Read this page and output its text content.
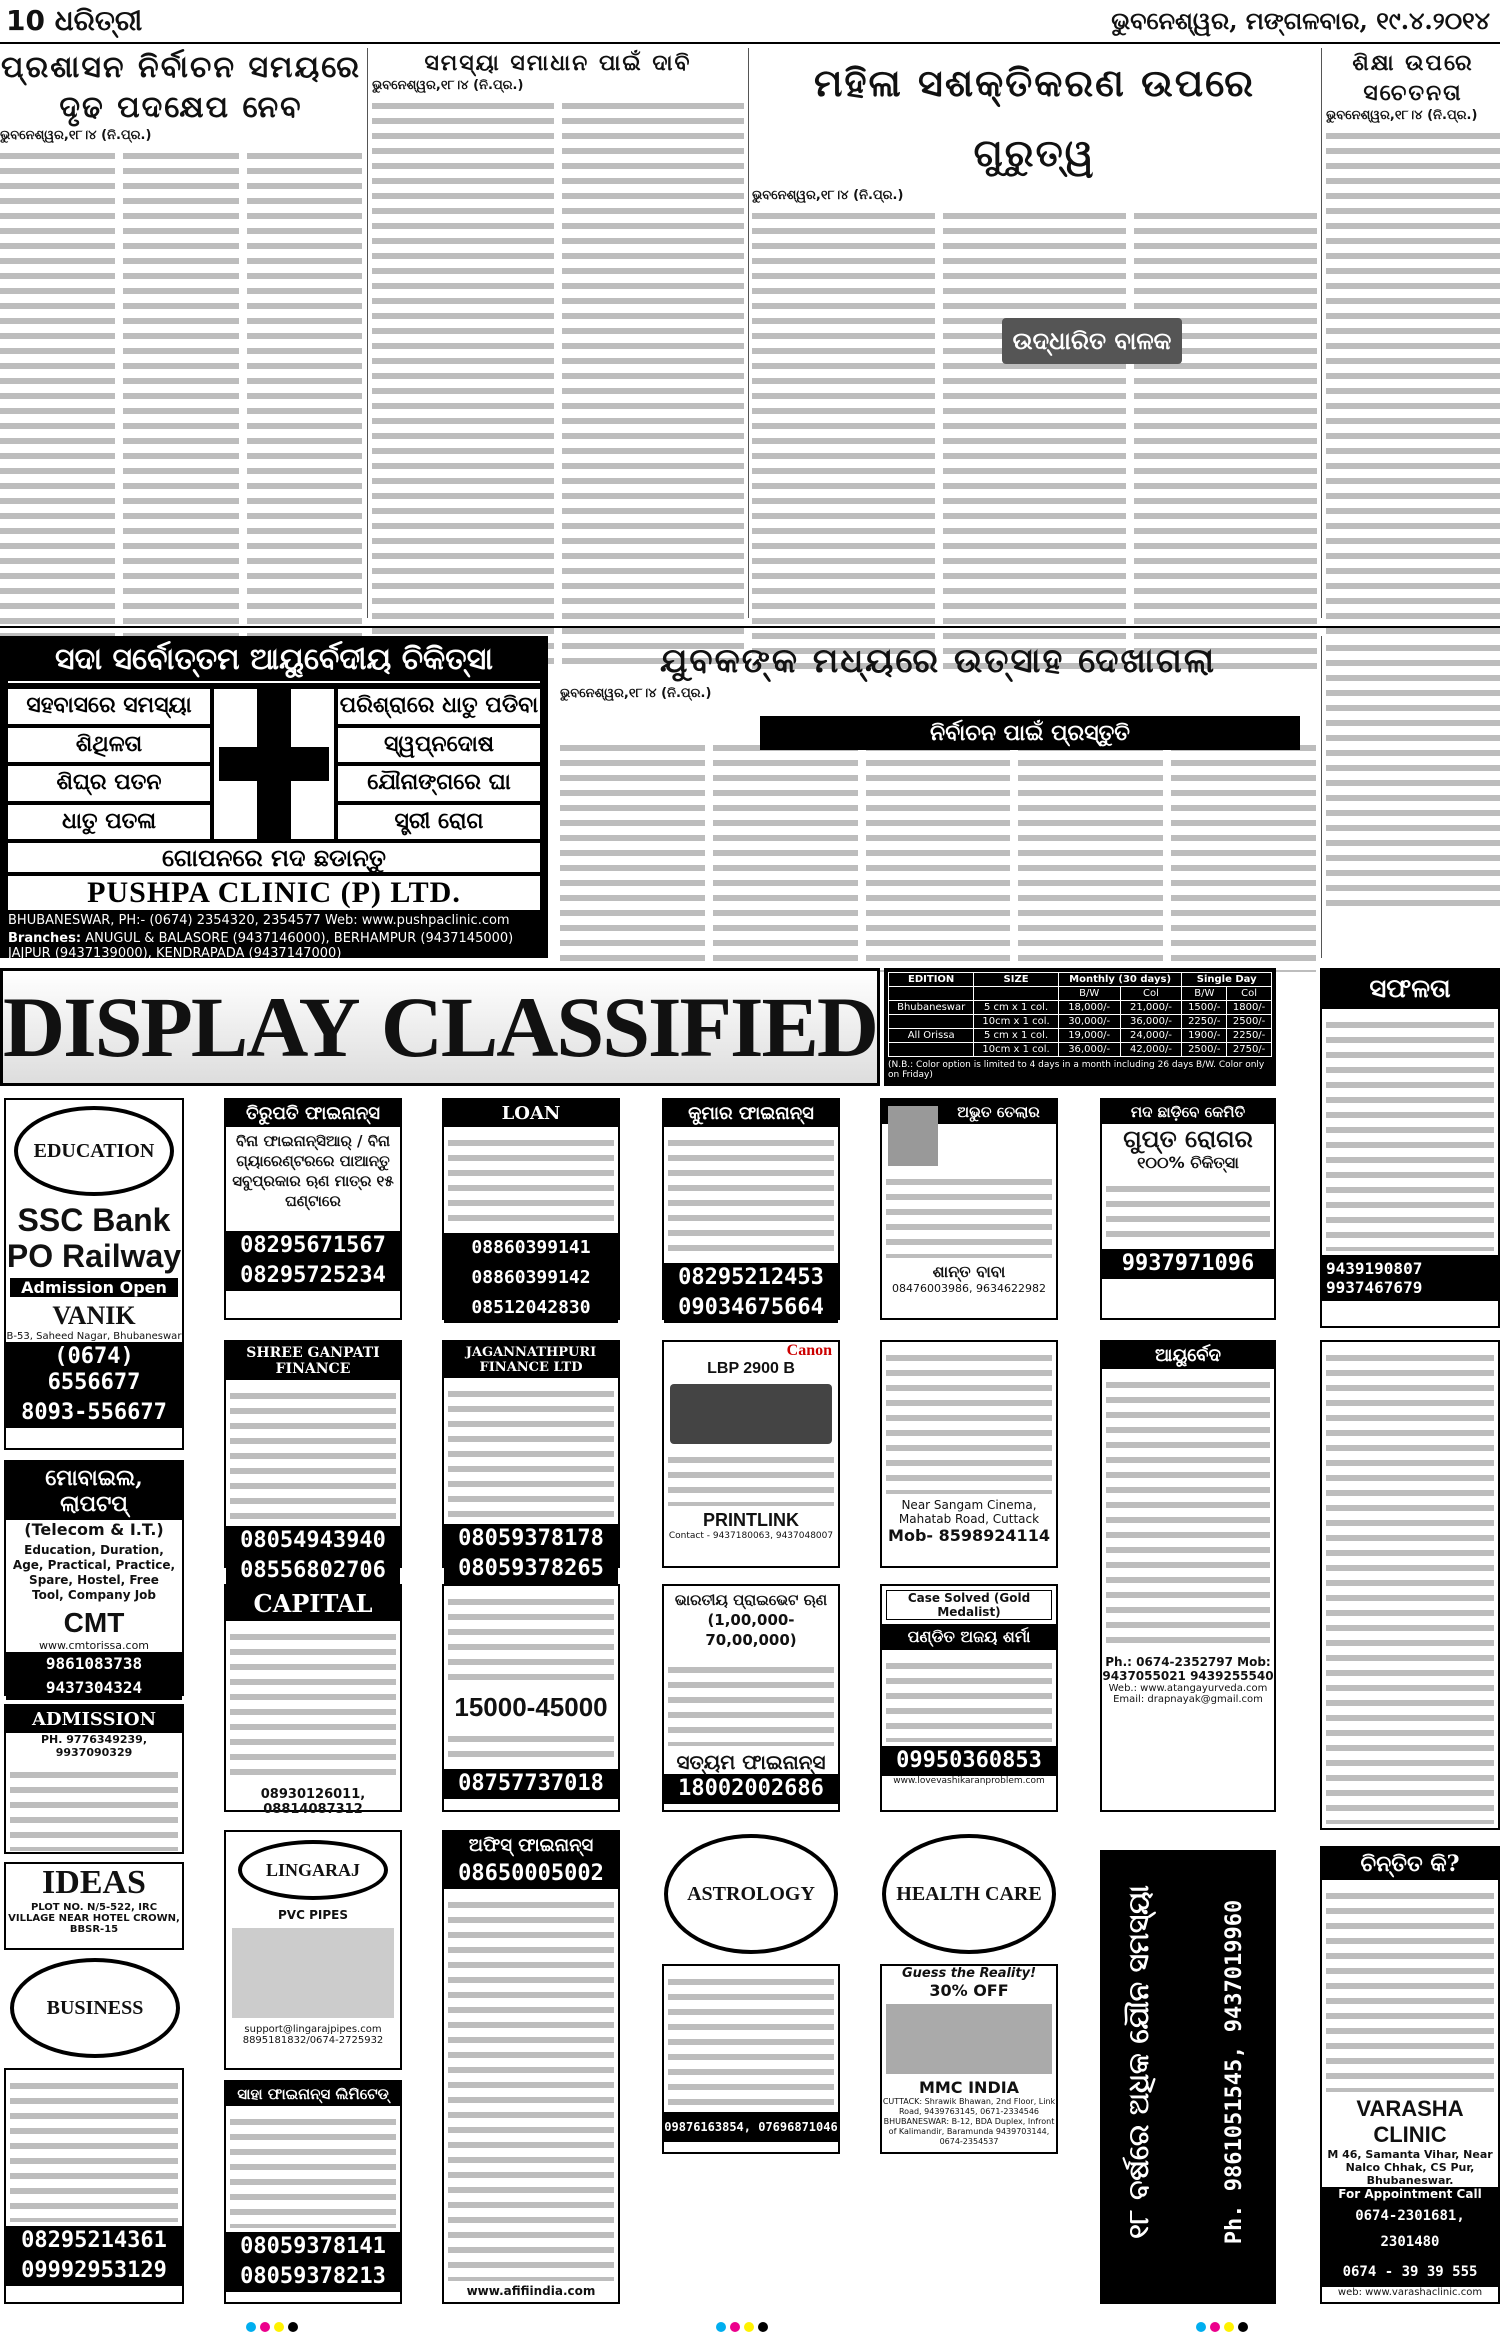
10 ଧରିତ୍ରୀ	ଭୁବନେଶ୍ୱର, ମଙ୍ଗଳବାର, ୧୯.୪.୨୦୧୪
ପ୍ରଶାସନ ନିର୍ବାଚନ ସମୟରେ ଦୃଢ ପଦକ୍ଷେପ ନେବ

ଭୁବନେଶ୍ୱର,୧୮।୪ (ନି.ପ୍ର.)

ସମସ୍ୟା ସମାଧାନ ପାଇଁ ଦାବି

ଭୁବନେଶ୍ୱର,୧୮।୪ (ନି.ପ୍ର.)	ମହିଳା ସଶକ୍ତିକରଣ ଉପରେ ଗୁରୁତ୍ୱ

ଭୁବନେଶ୍ୱର,୧୮।୪ (ନି.ପ୍ର.)

ଉଦ୍ଧାରିତ ବାଳକ
ଶିକ୍ଷା ଉପରେ ସଚେତନତା

ଭୁବନେଶ୍ୱର,୧୮।୪ (ନି.ପ୍ର.)

ସଦା ସର୍ବୋତ୍ତମ ଆୟୁର୍ବେଦୀୟ ଚିକିତ୍ସା
ସହବାସରେ ସମସ୍ୟା	ପରିଶ୍ରାରେ ଧାତୁ ପଡିବା
ଶିଥିଳତା	ସ୍ୱପ୍ନଦୋଷ
ଶିଘ୍ର ପତନ	ଯୌନାଙ୍ଗରେ ଘା
ଧାତୁ ପତଳା	ସ୍ତ୍ରୀ ରୋଗ
ଗୋପନରେ ମଦ ଛଡାନ୍ତୁ
PUSHPA CLINIC (P) LTD.
BHUBANESWAR, PH:- (0674) 2354320, 2354577 Web: www.pushpaclinic.com
Branches: ANUGUL & BALASORE (9437146000), BERHAMPUR (9437145000) JAJPUR (9437139000), KENDRAPADA (9437147000)
ଯୁବକଙ୍କ ମଧ୍ୟରେ ଉତ୍ସାହ ଦେଖାଗଲା
ନିର୍ବାଚନ ପାଇଁ ପ୍ରସ୍ତୁତି

ଭୁବନେଶ୍ୱର,୧୮।୪ (ନି.ପ୍ର.)

DISPLAY CLASSIFIED	EDITION	SIZE	Monthly (30 days)		Single Day	
		B/W	Col	B/W	Col
Bhubaneswar	5 cm x 1 col.	18,000/-	21,000/-	1500/-	1800/-
	10cm x 1 col.	30,000/-	36,000/-	2250/-	2500/-
All Orissa	5 cm x 1 col.	19,000/-	24,000/-	1900/-	2250/-
	10cm x 1 col.	36,000/-	42,000/-	2500/-	2750/-
(N.B.: Color option is limited to 4 days in a month including 26 days B/W. Color only on Friday)
ସଫଳତା
9439190807
9937467679
EDUCATION
SSC Bank PO Railway
Admission Open
VANIK
B-53, Saheed Nagar, Bhubaneswar
(0674) 6556677
8093-556677
ମୋବାଇଲ, ଲାପଟପ୍
(Telecom & I.T.)
Education, Duration, Age, Practical, Practice, Spare, Hostel, Free Tool, Company Job
CMT
www.cmtorissa.com
9861083738
9437304324
ADMISSION
PH. 9776349239, 9937090329
IDEAS
PLOT NO. N/5-522, IRC VILLAGE NEAR HOTEL CROWN, BBSR-15
BUSINESS
08295214361
09992953129
ତିରୁପତି ଫାଇନାନ୍ସ
ବିନା ଫାଇନାନ୍ସିଆର୍ / ବିନା ଗ୍ୟାରେଣ୍ଟରରେ ପାଆନ୍ତୁ ସବୁପ୍ରକାର ଋଣ ମାତ୍ର ୧୫ ଘଣ୍ଟାରେ
08295671567
08295725234
SHREE GANPATI FINANCE
08054943940
08556802706
CAPITAL
08930126011, 08814087312
LINGARAJ
PVC PIPES
support@lingarajpipes.com
8895181832/0674-2725932
ସାହା ଫାଇନାନ୍ସ ଲିମିଟେଡ୍
08059378141
08059378213
LOAN
08860399141
08860399142
08512042830
JAGANNATHPURI FINANCE LTD
08059378178
08059378265
15000-45000
08757737018
ଅଫିସ୍ ଫାଇନାନ୍ସ
08650005002
www.afifiindia.com
କୁମାର ଫାଇନାନ୍ସ
08295212453
09034675664
Canon
LBP 2900 B
PRINTLINK
Contact - 9437180063, 9437048007
ଭାରତୀୟ ପ୍ରାଇଭେଟ ଋଣ (1,00,000-70,00,000)
ସତ୍ୟମ ଫାଇନାନ୍ସ
18002002686
ASTROLOGY
09876163854, 07696871046
ଅଭୁତ ତେଲାର
ଶାନ୍ତ ବାବା
08476003986, 9634622982
Near Sangam Cinema, Mahatab Road, Cuttack
Mob- 8598924114
Case Solved (Gold Medalist)
ପଣ୍ଡିତ ଅଜୟ ଶର୍ମା
09950360853
www.lovevashikaranproblem.com
HEALTH CARE
Guess the Reality!
30% OFF
MMC INDIA
CUTTACK: Shrawik Bhawan, 2nd Floor, Link Road, 9439763145, 0671-2334546
BHUBANESWAR: B-12, BDA Duplex, Infront of Kalimandir, Baramunda 9439703144, 0674-2354537
ମଦ ଛାଡ଼ିବେ କେମିତି
ଗୁପ୍ତ ରୋଗର
୧୦୦% ଚିକିତ୍ସା
9937971096
ଆୟୁର୍ବେଦ
Ph.: 0674-2352797 Mob: 9437055021 9439255540
Web.: www.atangayurveda.com
Email: drapnayak@gmail.com
୧୮ ବର୍ଷରେ ଅଧିକ ଯୌନ ସମସ୍ୟା	Ph. 9861051545, 9437019960
ଚିନ୍ତିତ କି?
VARASHA CLINIC
M 46, Samanta Vihar, Near Nalco Chhak, CS Pur, Bhubaneswar.
For Appointment Call
0674-2301681, 2301480
0674 - 39 39 555
web: www.varashaclinic.com
